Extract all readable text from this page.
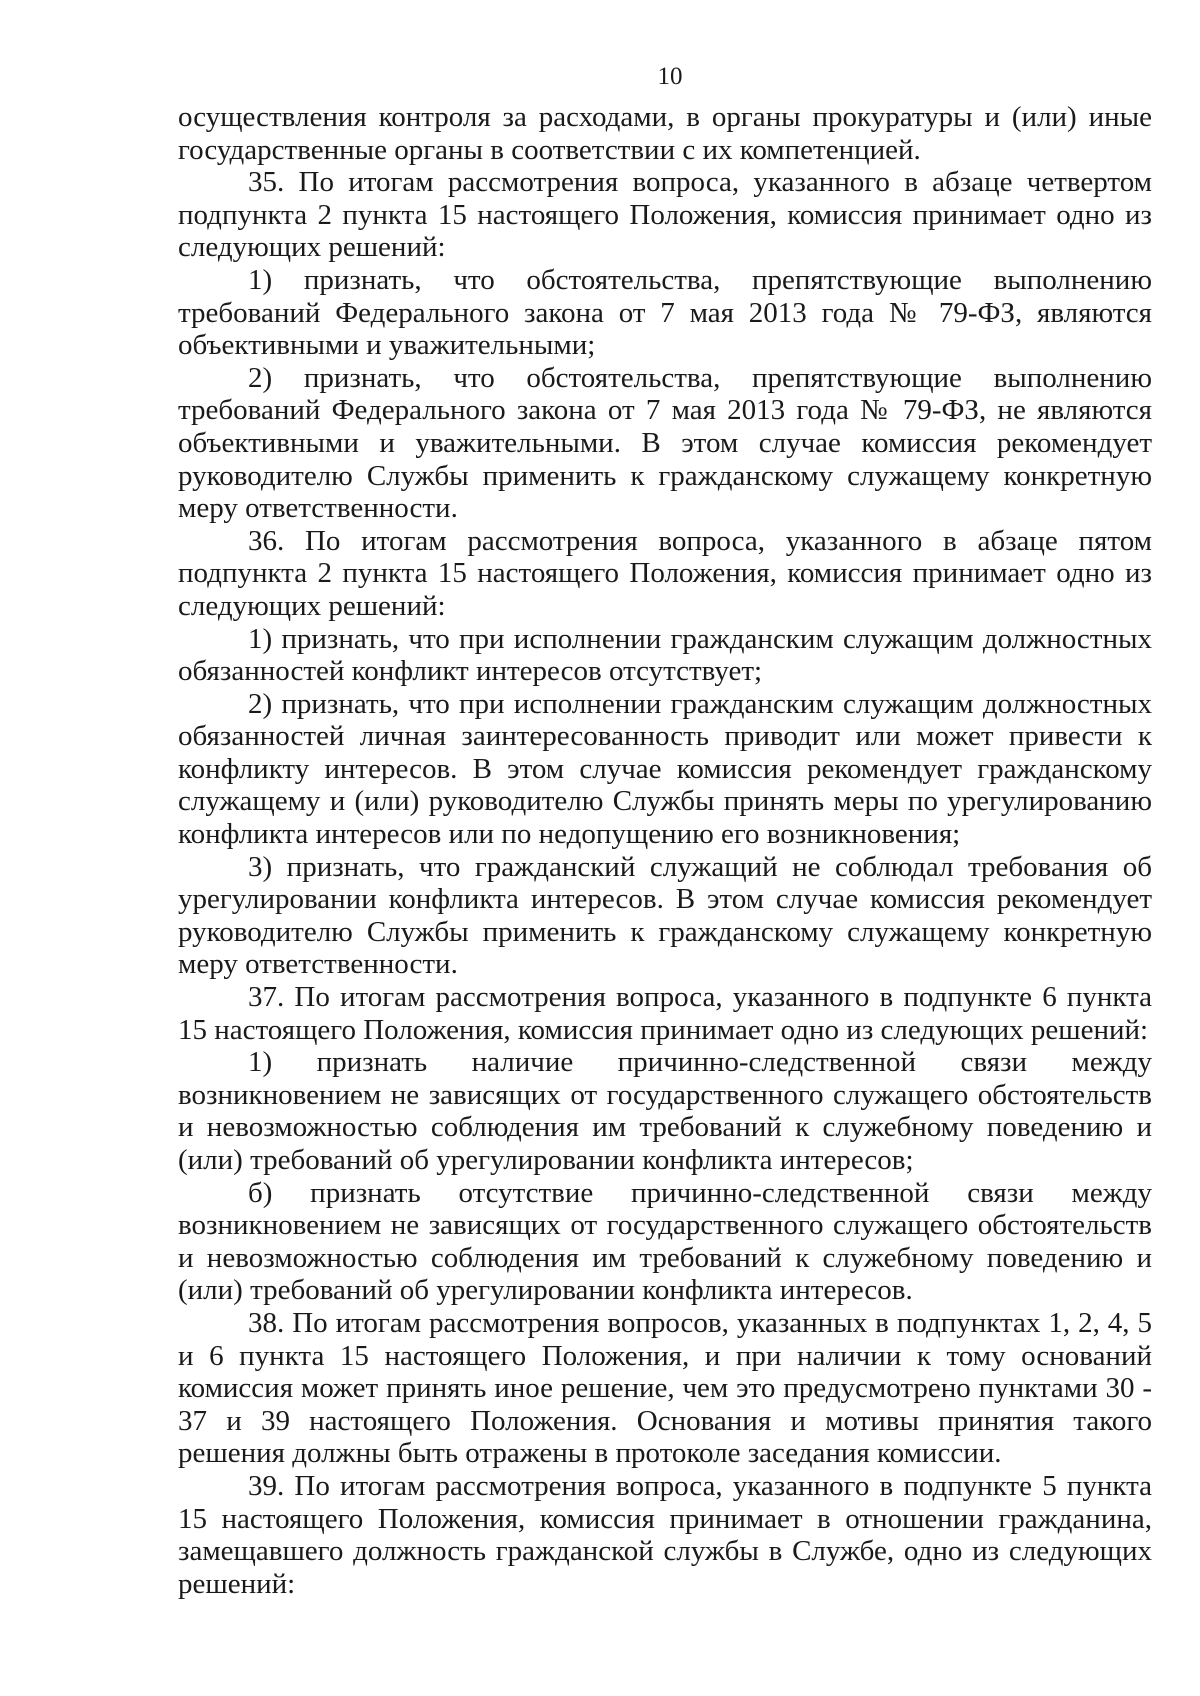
10

осуществления контроля за расходами, в органы прокуратуры и (или) иные государственные органы в соответствии с их компетенцией.

35. По итогам рассмотрения вопроса, указанного в абзаце четвертом подпункта 2 пункта 15 настоящего Положения, комиссия принимает одно из следующих решений:

1) признать, что обстоятельства, препятствующие выполнению требований Федерального закона от 7 мая 2013 года № 79-ФЗ, являются объективными и уважительными;

2) признать, что обстоятельства, препятствующие выполнению требований Федерального закона от 7 мая 2013 года № 79-ФЗ, не являются объективными и уважительными. В этом случае комиссия рекомендует руководителю Службы применить к гражданскому служащему конкретную меру ответственности.

36. По итогам рассмотрения вопроса, указанного в абзаце пятом подпункта 2 пункта 15 настоящего Положения, комиссия принимает одно из следующих решений:

1) признать, что при исполнении гражданским служащим должностных обязанностей конфликт интересов отсутствует;

2) признать, что при исполнении гражданским служащим должностных обязанностей личная заинтересованность приводит или может привести к конфликту интересов. В этом случае комиссия рекомендует гражданскому служащему и (или) руководителю Службы принять меры по урегулированию конфликта интересов или по недопущению его возникновения;

3) признать, что гражданский служащий не соблюдал требования об урегулировании конфликта интересов. В этом случае комиссия рекомендует руководителю Службы применить к гражданскому служащему конкретную меру ответственности.

37. По итогам рассмотрения вопроса, указанного в подпункте 6 пункта 15 настоящего Положения, комиссия принимает одно из следующих решений:

1) признать наличие причинно-следственной связи между возникновением не зависящих от государственного служащего обстоятельств и невозможностью соблюдения им требований к служебному поведению и (или) требований об урегулировании конфликта интересов;

б) признать отсутствие причинно-следственной связи между возникновением не зависящих от государственного служащего обстоятельств и невозможностью соблюдения им требований к служебному поведению и (или) требований об урегулировании конфликта интересов.

38. По итогам рассмотрения вопросов, указанных в подпунктах 1, 2, 4, 5 и 6 пункта 15 настоящего Положения, и при наличии к тому оснований комиссия может принять иное решение, чем это предусмотрено пунктами 30 - 37 и 39 настоящего Положения. Основания и мотивы принятия такого решения должны быть отражены в протоколе заседания комиссии.

39. По итогам рассмотрения вопроса, указанного в подпункте 5 пункта 15 настоящего Положения, комиссия принимает в отношении гражданина, замещавшего должность гражданской службы в Службе, одно из следующих решений:
